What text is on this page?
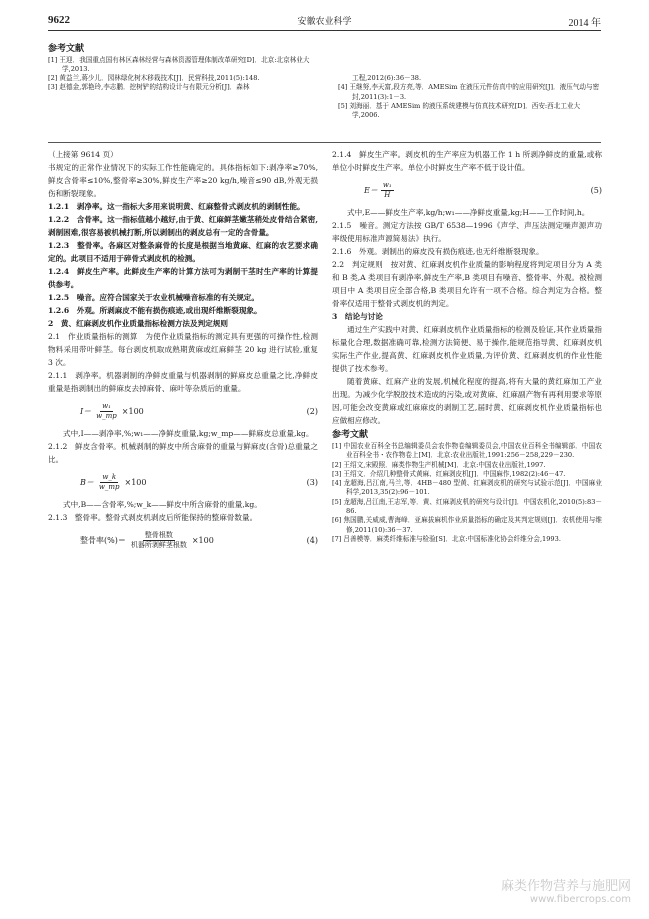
9622	安徽农业科学	2014 年

参考文献

[1] 王迎．我国重点国有林区森林经营与森林资源管理体制改革研究[D]．北京:北京林业大学,2013.

[2] 黄益兰,蒋少儿．园林绿化树木移栽技术[J]．民营科技,2011(5):148.

[3] 赵德金,郭艳玲,李志鹏．挖树铲的结构设计与有限元分析[J]．森林

工程,2012(6):36－38.

[4] 王继努,李天富,段方亮,等．AMESim 在液压元件仿真中的应用研究[J]．液压气动与密封,2011(3):1－3.

[5] 刘海丽．基于 AMESim 的液压系统建模与仿真技术研究[D]．西安:西北工业大学,2006.

（上接第 9614 页）

书规定的正常作业情况下的实际工作性能确定的。具体指标如下:剥净率≥70%,鲜皮含骨率≤10%,整骨率≥30%,鲜皮生产率≥20 kg/h,噪音≤90 dB,外观无损伤和断裂现象。

1.2.1　剥净率。这一指标大多用来说明黄、红麻整骨式剥皮机的剥制性能。

1.2.2　含骨率。这一指标值越小越好,由于黄、红麻鲜茎嫩茎稍处皮骨结合紧密,剥制困难,很容易被机械打断,所以剥制出的剥皮总有一定的含骨量。

1.2.3　整骨率。各麻区对整条麻骨的长度是根据当地黄麻、红麻的农艺要求确定的。此项目不适用于碎骨式剥皮机的检测。

1.2.4　鲜皮生产率。此鲜皮生产率的计算方法可为剥制干茎时生产率的计算提供参考。

1.2.5　噪音。应符合国家关于农业机械噪音标准的有关规定。

1.2.6　外观。所剥麻皮不能有损伤痕迹,或出现纤维断裂现象。

2　黄、红麻剥皮机作业质量指标检测方法及判定规则

2.1　作业质量指标的测算　为使作业质量指标的测定具有更强的可操作性,检测物料采用带叶鲜茎。每台剥皮机取成熟期黄麻或红麻鲜茎 20 kg 进行试验,重复 3 次。

2.1.1　剥净率。机器剥制的净鲜皮重量与机器剥制的鲜麻皮总重量之比,净鲜皮重量是指剥制出的鲜麻皮去掉麻骨、麻叶等杂质后的重量。

$I= \frac{\text{w₁}}{w\_mp} \times 100$	(2)

式中,I——剥净率,%;w₁——净鲜皮重量,kg;w_mp——鲜麻皮总重量,kg。

2.1.2　鲜皮含骨率。机械剥制的鲜皮中所含麻骨的重量与鲜麻皮(含骨)总重量之比。

$B= \frac{w\_k}{w\_mp} \times 100$	(3)

式中,B——含骨率,%;w_k——鲜皮中所含麻骨的重量,kg。

2.1.3　整骨率。整骨式剥皮机剥皮后所能保持的整麻骨数量。

整骨率(%)＝ $\frac{\text{整骨根数}}{\text{机器所剥鲜茎根数}} \times 100$	(4)

2.1.4　鲜皮生产率。剥皮机的生产率应为机器工作 1 h 所剥净鲜皮的重量,或称单位小时鲜皮生产率。单位小时鲜皮生产率不低于设计值。

$E= \frac{\text{w₁}}{H}$	(5)

式中,E——鲜皮生产率,kg/h;w₁——净鲜皮重量,kg;H——工作时间,h。

2.1.5　噪音。测定方法按 GB/T 6538—1996《声学、声压法测定噪声源声功率级使用标准声源简易法》执行。

2.1.6　外观。剥制出的麻皮没有损伤痕迹,也无纤维断裂现象。

2.2　判定规则　按对黄、红麻剥皮机作业质量的影响程度将判定项目分为 A 类和 B 类,A 类项目有剥净率,鲜皮生产率,B 类项目有噪音、整骨率、外观。被检测项目中 A 类项目应全部合格,B 类项目允许有一项不合格。综合判定为合格。整骨率仅适用于整骨式剥皮机的判定。

3　结论与讨论

通过生产实践中对黄、红麻剥皮机作业质量指标的检测及验证,其作业质量指标量化合理,数据准确可靠,检测方法简便、易于操作,能规范指导黄、红麻剥皮机实际生产作业,提高黄、红麻剥皮机作业质量,为评价黄、红麻剥皮机的作业性能提供了技术参考。

随着黄麻、红麻产业的发展,机械化程度的提高,将有大量的黄红麻加工产业出现。为减少化学脱胶技术造成的污染,或对黄麻、红麻副产物有再利用要求等原因,可能会改变黄麻或红麻麻皮的剥制工艺,届时黄、红麻剥皮机作业质量指标也应做相应修改。

参考文献

[1] 中国农业百科全书总编辑委员会农作物卷编辑委员会,中国农业百科全书编辑部．中国农业百科全书・农作物卷上[M]．北京:农业出版社,1991:256－258,229－230.

[2] 王绍文,宋殿照．麻类作物生产机械[M]．北京:中国农业出版社,1997.

[3] 王绍文．介绍几种整骨式黄麻、红麻剥皮机[J]．中国麻作,1982(2):46－47.

[4] 龙超海,吕江南,马兰,等．4HB－480 型黄、红麻剥皮机的研究与试验示范[J]．中国麻业科学,2013,35(2):96－101.

[5] 龙超海,吕江南,王志军,等．黄、红麻剥皮机的研究与设计[J]．中国农机化,2010(5):83－86.

[6] 焦国鹏,关威威,曹海峰．亚麻拔麻机作业质量指标的确定及其判定规则[J]．农机使用与维修,2011(10):36－37.

[7] 吕善模等．麻类纤维标准与检验[S]．北京:中国标准化协会纤维分会,1993.

麻类作物营养与施肥网
www.fibercrops.com
